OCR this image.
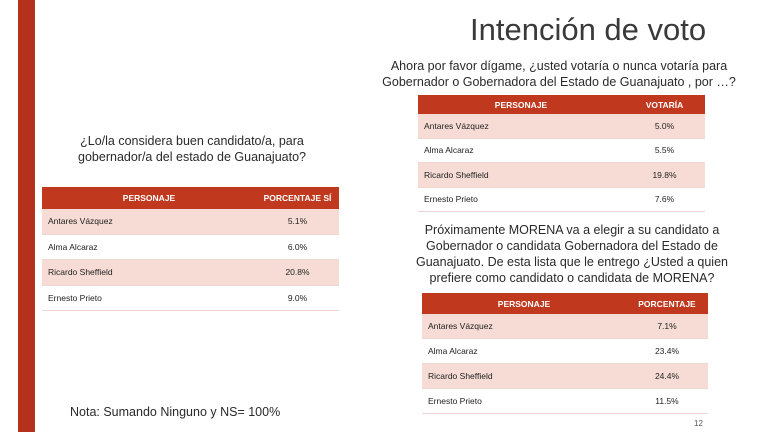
Intención de voto
Ahora por favor dígame, ¿usted votaría o nunca votaría para Gobernador o Gobernadora del Estado de Guanajuato , por …?
PERSONAJE	VOTARÍA
Antares Vázquez	5.0%
Alma Alcaraz	5.5%
Ricardo Sheffield	19.8%
Ernesto Prieto	7.6%
¿Lo/la considera buen candidato/a, para gobernador/a del estado de Guanajuato?
PERSONAJE	PORCENTAJE SÍ
Antares Vázquez	5.1%
Alma Alcaraz	6.0%
Ricardo Sheffield	20.8%
Ernesto Prieto	9.0%
Próximamente MORENA va a elegir a su candidato a Gobernador o candidata Gobernadora del Estado de Guanajuato. De esta lista que le entrego ¿Usted a quien prefiere como candidato o candidata de MORENA?
PERSONAJE	PORCENTAJE
Antares Vázquez	7.1%
Alma Alcaraz	23.4%
Ricardo Sheffield	24.4%
Ernesto Prieto	11.5%
Nota: Sumando Ninguno y NS= 100%
12
